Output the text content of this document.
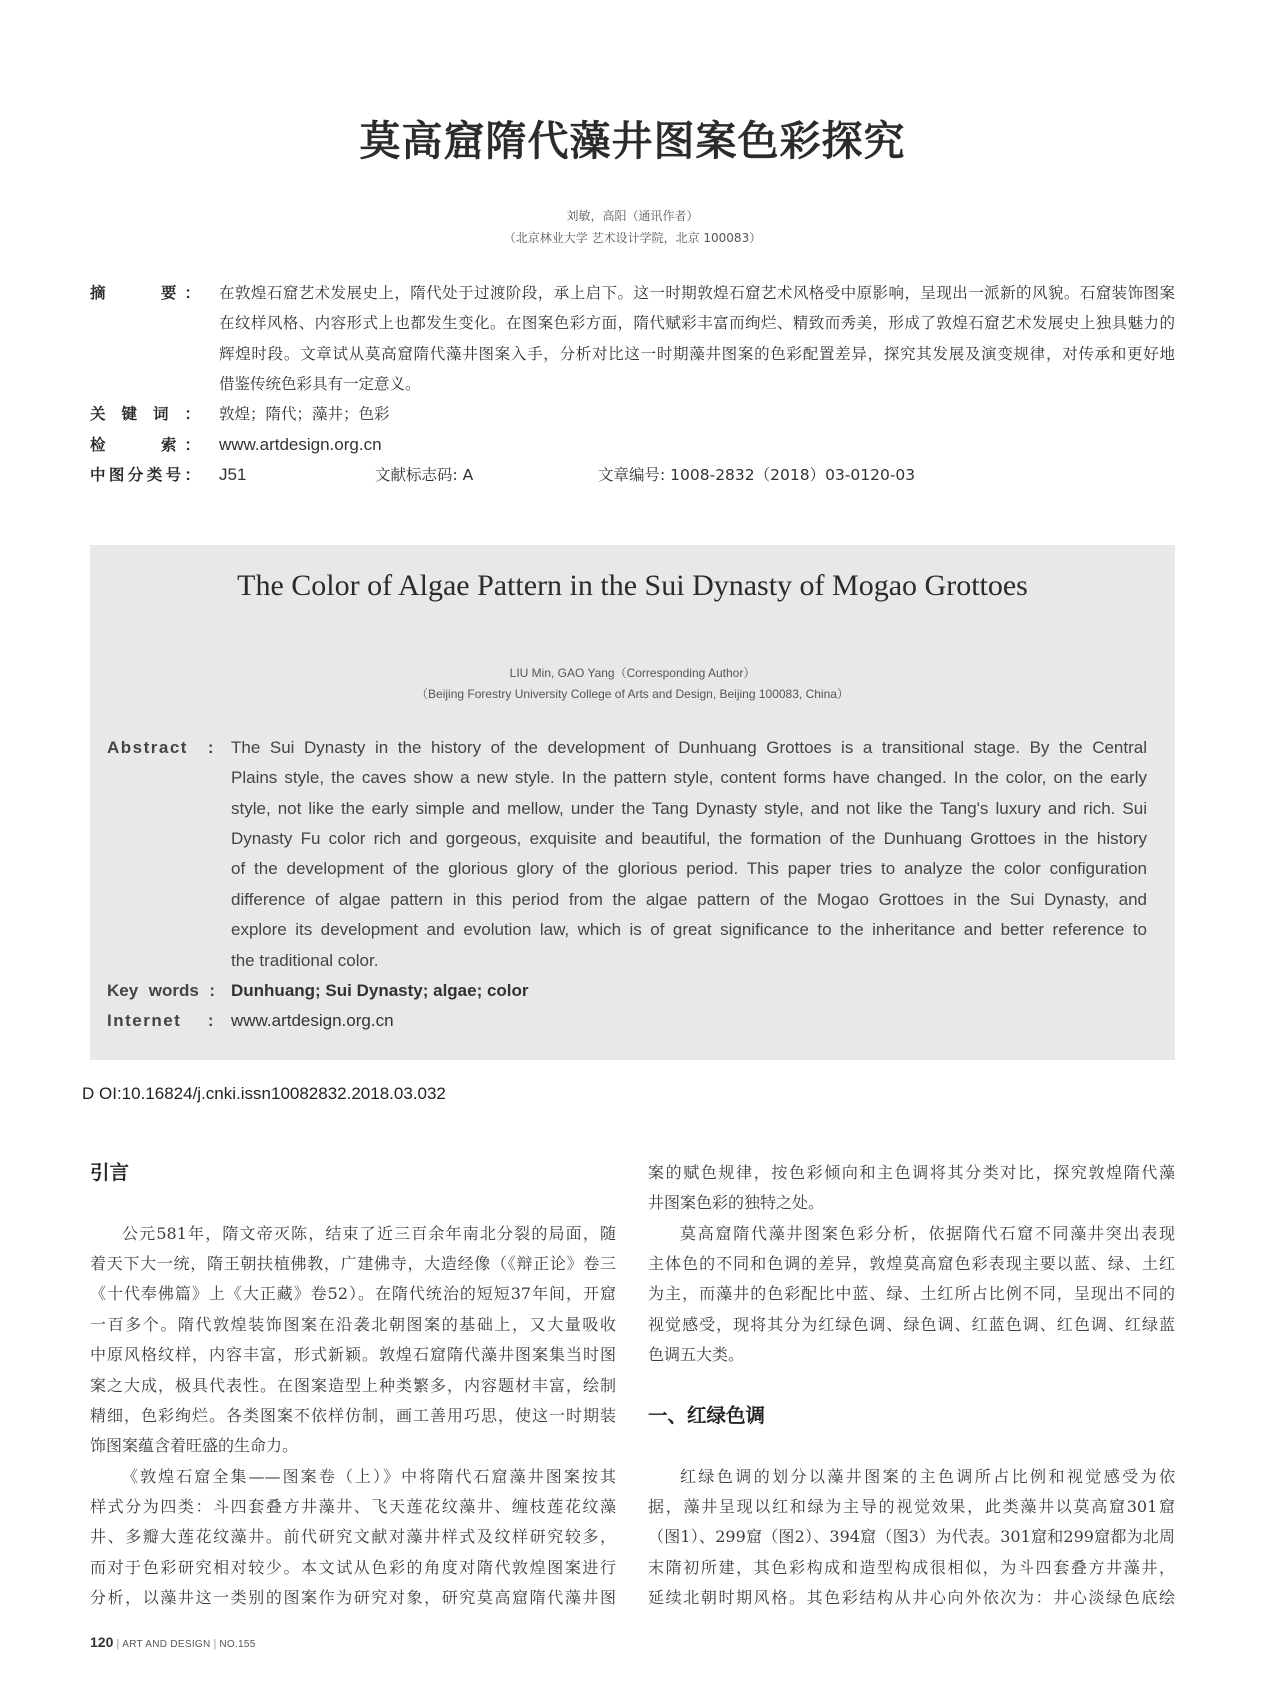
莫高窟隋代藻井图案色彩探究
刘敏，高阳（通讯作者）
（北京林业大学 艺术设计学院，北京 100083）
摘　　要： 在敦煌石窟艺术发展史上，隋代处于过渡阶段，承上启下。这一时期敦煌石窟艺术风格受中原影响，呈现出一派新的风貌。石窟装饰图案
在纹样风格、内容形式上也都发生变化。在图案色彩方面，隋代赋彩丰富而绚烂、精致而秀美，形成了敦煌石窟艺术发展史上独具魅力的
辉煌时段。文章试从莫高窟隋代藻井图案入手，分析对比这一时期藻井图案的色彩配置差异，探究其发展及演变规律，对传承和更好地
借鉴传统色彩具有一定意义。
关键词： 敦煌；隋代；藻井；色彩
检　　索： www.artdesign.org.cn
中图分类号： J51	文献标志码: A	文章编号: 1008-2832（2018）03-0120-03
The Color of Algae Pattern in the Sui Dynasty of Mogao Grottoes
LIU Min, GAO Yang（Corresponding Author）
（Beijing Forestry University College of Arts and Design, Beijing 100083, China）
Abstract : The Sui Dynasty in the history of the development of Dunhuang Grottoes is a transitional stage. By the Central
Plains style, the caves show a new style. In the pattern style, content forms have changed. In the color, on the early
style, not like the early simple and mellow, under the Tang Dynasty style, and not like the Tang's luxury and rich. Sui
Dynasty Fu color rich and gorgeous, exquisite and beautiful, the formation of the Dunhuang Grottoes in the history
of the development of the glorious glory of the glorious period. This paper tries to analyze the color configuration
difference of algae pattern in this period from the algae pattern of the Mogao Grottoes in the Sui Dynasty, and
explore its development and evolution law, which is of great significance to the inheritance and better reference to
the traditional color.
Key words : Dunhuang; Sui Dynasty; algae; color
Internet : www.artdesign.org.cn
D OI:10.16824/j.cnki.issn10082832.2018.03.032
引言
公元581年，隋文帝灭陈，结束了近三百余年南北分裂的局面，随
着天下大一统，隋王朝扶植佛教，广建佛寺，大造经像（《辩正论》卷三
《十代奉佛篇》上《大正藏》卷52）。在隋代统治的短短37年间，开窟
一百多个。隋代敦煌装饰图案在沿袭北朝图案的基础上，又大量吸收
中原风格纹样，内容丰富，形式新颖。敦煌石窟隋代藻井图案集当时图
案之大成，极具代表性。在图案造型上种类繁多，内容题材丰富，绘制
精细，色彩绚烂。各类图案不依样仿制，画工善用巧思，使这一时期装
饰图案蕴含着旺盛的生命力。
《敦煌石窟全集——图案卷（上）》中将隋代石窟藻井图案按其
样式分为四类：斗四套叠方井藻井、飞天莲花纹藻井、缠枝莲花纹藻
井、多瓣大莲花纹藻井。前代研究文献对藻井样式及纹样研究较多，
而对于色彩研究相对较少。本文试从色彩的角度对隋代敦煌图案进行
分析，以藻井这一类别的图案作为研究对象，研究莫高窟隋代藻井图
案的赋色规律，按色彩倾向和主色调将其分类对比，探究敦煌隋代藻
井图案色彩的独特之处。
莫高窟隋代藻井图案色彩分析，依据隋代石窟不同藻井突出表现
主体色的不同和色调的差异，敦煌莫高窟色彩表现主要以蓝、绿、土红
为主，而藻井的色彩配比中蓝、绿、土红所占比例不同，呈现出不同的
视觉感受，现将其分为红绿色调、绿色调、红蓝色调、红色调、红绿蓝
色调五大类。
一、红绿色调
红绿色调的划分以藻井图案的主色调所占比例和视觉感受为依
据，藻井呈现以红和绿为主导的视觉效果，此类藻井以莫高窟301窟
（图1）、299窟（图2）、394窟（图3）为代表。301窟和299窟都为北周
末隋初所建，其色彩构成和造型构成很相似，为斗四套叠方井藻井，
延续北朝时期风格。其色彩结构从井心向外依次为：井心淡绿色底绘
120 | ART AND DESIGN | NO.155
